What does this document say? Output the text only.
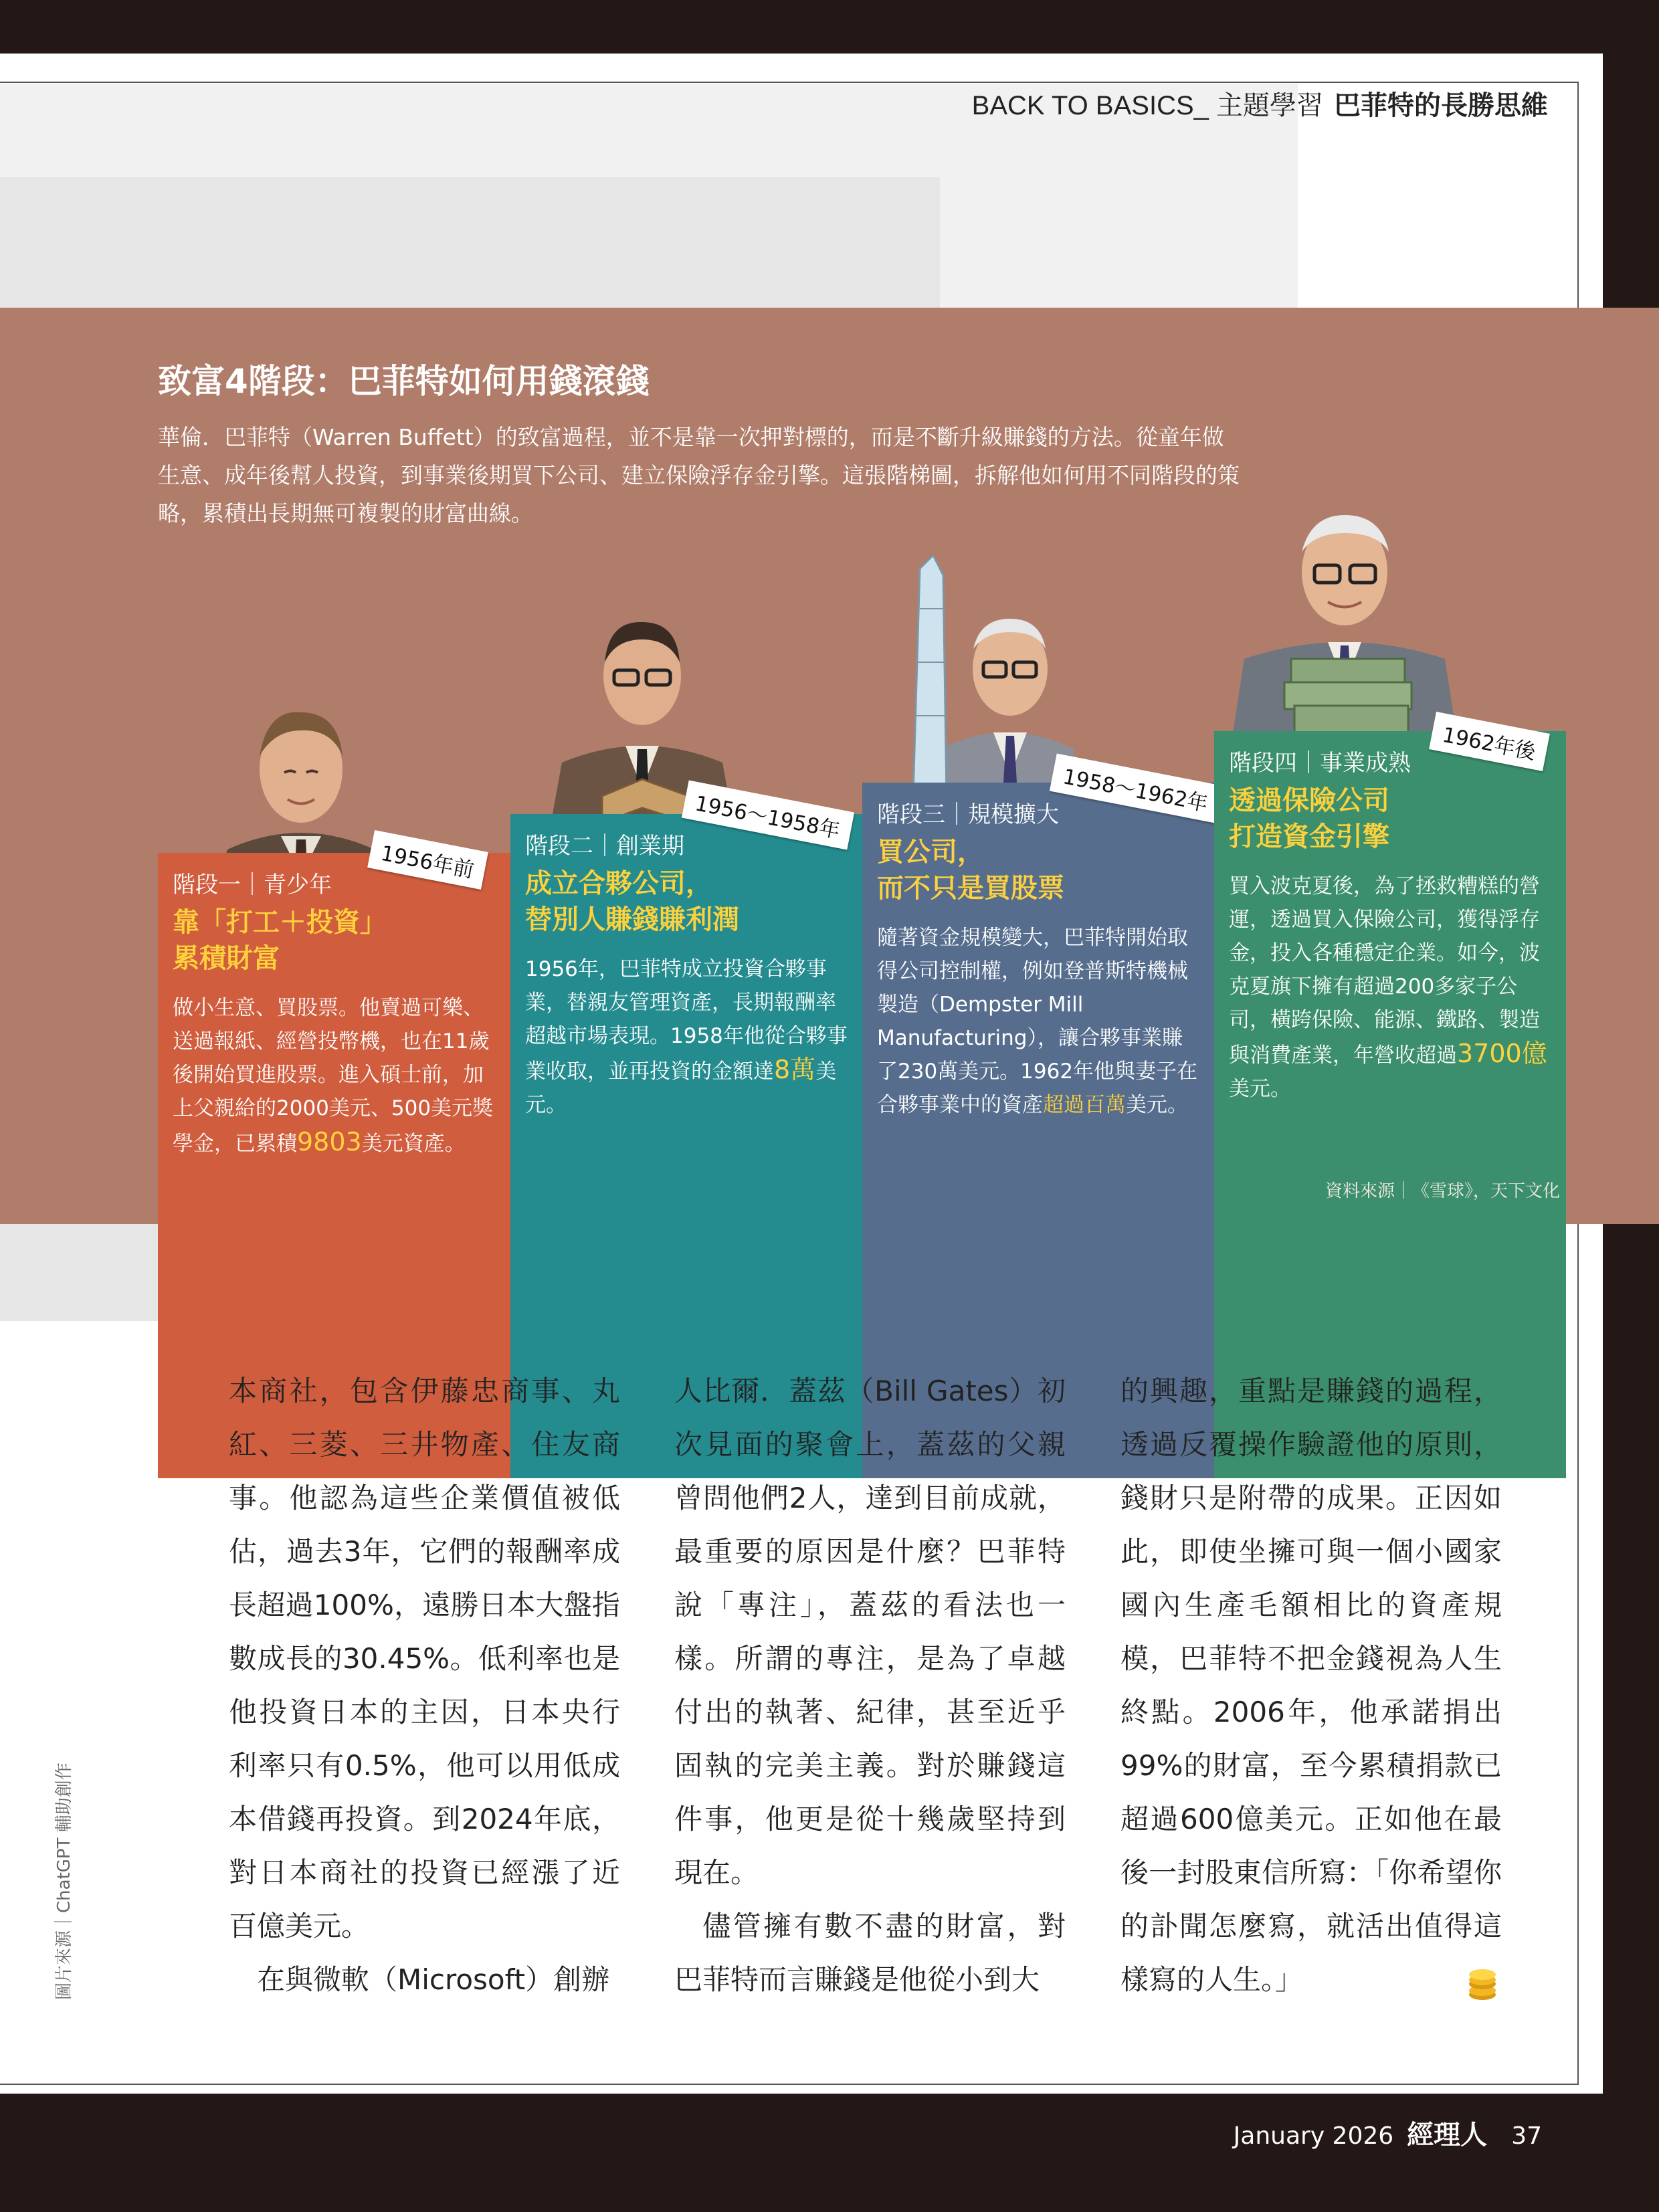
BACK TO BASICS_ 主題學習 巴菲特的長勝思維
致富4階段：巴菲特如何用錢滾錢
華倫．巴菲特（Warren Buffett）的致富過程，並不是靠一次押對標的，而是不斷升級賺錢的方法。從童年做生意、成年後幫人投資，到事業後期買下公司、建立保險浮存金引擎。這張階梯圖，拆解他如何用不同階段的策略，累積出長期無可複製的財富曲線。
階段一｜青少年
靠「打工＋投資」
累積財富
做小生意、買股票。他賣過可樂、送過報紙、經營投幣機，也在11歲後開始買進股票。進入碩士前，加上父親給的2000美元、500美元獎學金，已累積9803美元資產。
1956年前	階段二｜創業期
成立合夥公司，
替別人賺錢賺利潤
1956年，巴菲特成立投資合夥事業，替親友管理資產，長期報酬率超越市場表現。1958年他從合夥事業收取，並再投資的金額達8萬美元。
1956～1958年	階段三｜規模擴大
買公司，
而不只是買股票
隨著資金規模變大，巴菲特開始取得公司控制權，例如登普斯特機械製造（Dempster Mill Manufacturing），讓合夥事業賺了230萬美元。1962年他與妻子在合夥事業中的資產超過百萬美元。
1958～1962年
階段四｜事業成熟
透過保險公司
打造資金引擎
買入波克夏後，為了拯救糟糕的營運，透過買入保險公司，獲得浮存金，投入各種穩定企業。如今，波克夏旗下擁有超過200多家子公司，橫跨保險、能源、鐵路、製造與消費產業，年營收超過3700億美元。
1962年後
資料來源｜《雪球》，天下文化

本商社，包含伊藤忠商事、丸紅、三菱、三井物產、住友商事。他認為這些企業價值被低估，過去3年，它們的報酬率成長超過100%，遠勝日本大盤指數成長的30.45%。低利率也是他投資日本的主因，日本央行利率只有0.5%，他可以用低成本借錢再投資。到2024年底，對日本商社的投資已經漲了近百億美元。

在與微軟（Microsoft）創辦

人比爾．蓋茲（Bill Gates）初次見面的聚會上，蓋茲的父親曾問他們2人，達到目前成就，最重要的原因是什麼？巴菲特說「專注」，蓋茲的看法也一樣。所謂的專注，是為了卓越付出的執著、紀律，甚至近乎固執的完美主義。對於賺錢這件事，他更是從十幾歲堅持到現在。

儘管擁有數不盡的財富，對巴菲特而言賺錢是他從小到大

的興趣，重點是賺錢的過程，透過反覆操作驗證他的原則，錢財只是附帶的成果。正因如此，即使坐擁可與一個小國家國內生產毛額相比的資產規模，巴菲特不把金錢視為人生終點。2006年，他承諾捐出99%的財富，至今累積捐款已超過600億美元。正如他在最後一封股東信所寫：「你希望你的訃聞怎麼寫，就活出值得這樣寫的人生。」

圖片來源｜ChatGPT 輔助創作
January 2026 經理人 37
